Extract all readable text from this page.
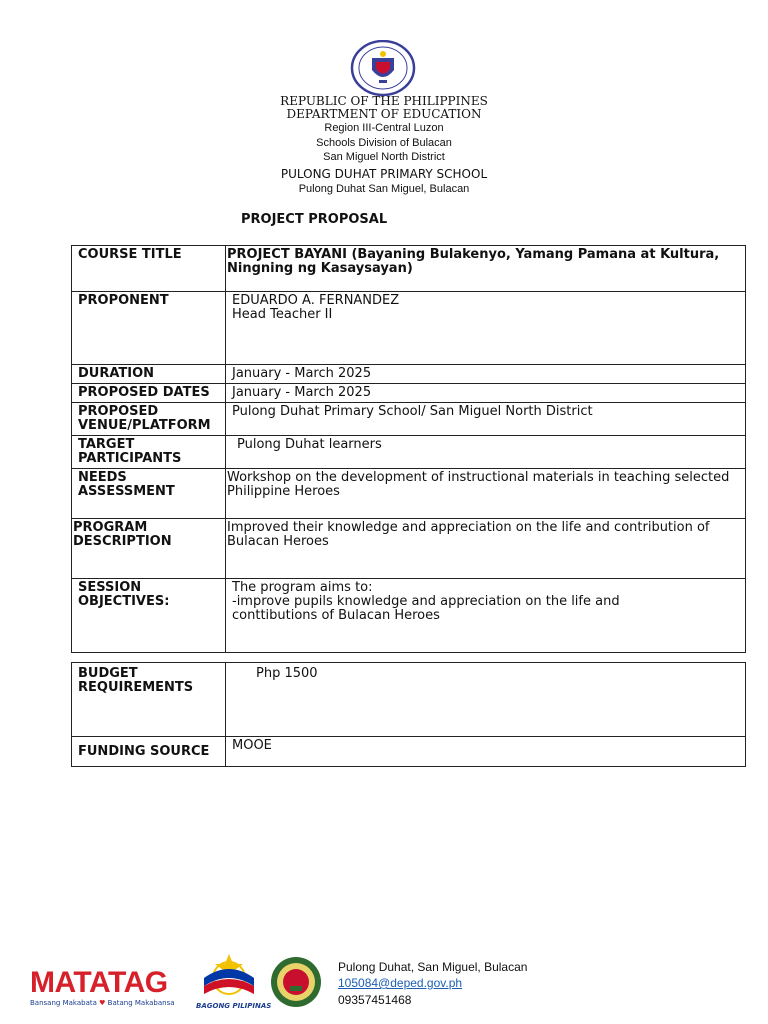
REPUBLIC OF THE PHILIPPINES
DEPARTMENT OF EDUCATION
Region III-Central Luzon
Schools Division of Bulacan
San Miguel North District
PULONG DUHAT PRIMARY SCHOOL
Pulong Duhat San Miguel, Bulacan
PROJECT PROPOSAL
COURSE TITLE	PROJECT BAYANI (Bayaning Bulakenyo, Yamang Pamana at Kultura, Ningning ng Kasaysayan)
PROPONENT	EDUARDO A. FERNANDEZ
Head Teacher II

DURATION	January - March 2025
PROPOSED DATES	January - March 2025
PROPOSED VENUE/PLATFORM	Pulong Duhat Primary School/ San Miguel North District
TARGET PARTICIPANTS	Pulong Duhat learners
NEEDS ASSESSMENT	Workshop on the development of instructional materials in teaching selected Philippine Heroes
PROGRAM DESCRIPTION	Improved their knowledge and appreciation on the life and contribution of Bulacan Heroes
SESSION OBJECTIVES:	The program aims to:
-improve pupils knowledge and appreciation on the life and conttibutions of Bulacan Heroes
BUDGET REQUIREMENTS	Php 1500
FUNDING SOURCE	MOOE
MATATAG
Bansang Makabata ♥ Batang Makabansa	BAGONG PILIPINAS
Pulong Duhat, San Miguel, Bulacan
105084@deped.gov.ph
09357451468
